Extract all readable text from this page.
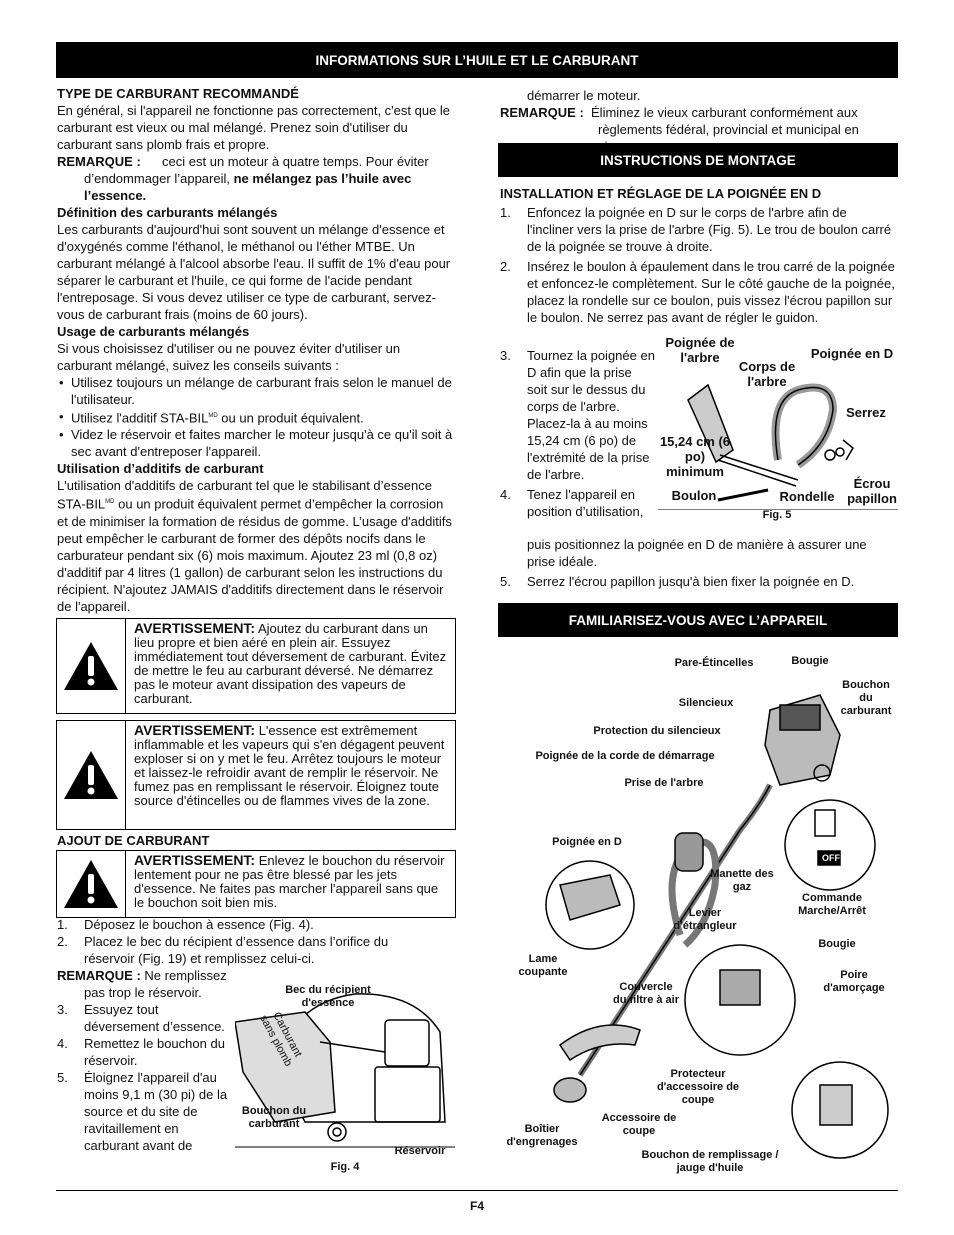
INFORMATIONS SUR L’HUILE ET LE CARBURANT

TYPE DE CARBURANT RECOMMANDÉ

En général, si l'appareil ne fonctionne pas correctement, c'est que le carburant est vieux ou mal mélangé. Prenez soin d'utiliser du carburant sans plomb frais et propre.

REMARQUE : ceci est un moteur à quatre temps. Pour éviter d’endommager l’appareil, ne mélangez pas l’huile avec l’essence.

Définition des carburants mélangés

Les carburants d'aujourd'hui sont souvent un mélange d'essence et d'oxygénés comme l'éthanol, le méthanol ou l'éther MTBE. Un carburant mélangé à l'alcool absorbe l'eau. Il suffit de 1% d'eau pour séparer le carburant et l'huile, ce qui forme de l'acide pendant l'entreposage. Si vous devez utiliser ce type de carburant, servez-vous de carburant frais (moins de 60 jours).

Usage de carburants mélangés

Si vous choisissez d'utiliser ou ne pouvez éviter d'utiliser un carburant mélangé, suivez les conseils suivants :

• Utilisez toujours un mélange de carburant frais selon le manuel de l'utilisateur.

• Utilisez l'additif STA-$BIL^{MD}$ ou un produit équivalent.

• Videz le réservoir et faites marcher le moteur jusqu'à ce qu'il soit à sec avant d'entreposer l'appareil.

Utilisation d’additifs de carburant

L'utilisation d'additifs de carburant tel que le stabilisant d’essence STA-$BIL^{MD}$ ou un produit équivalent permet d’empêcher la corrosion et de minimiser la formation de résidus de gomme. L’usage d'additifs peut empêcher le carburant de former des dépôts nocifs dans le carburateur pendant six (6) mois maximum. Ajoutez 23 ml (0,8 oz) d'additif par 4 litres (1 gallon) de carburant selon les instructions du récipient. N'ajoutez JAMAIS d'additifs directement dans le réservoir de l'appareil.

AVERTISSEMENT: Ajoutez du carburant dans un lieu propre et bien aéré en plein air. Essuyez immédiatement tout déversement de carburant. Évitez de mettre le feu au carburant déversé. Ne démarrez pas le moteur avant dissipation des vapeurs de carburant.
AVERTISSEMENT: L'essence est extrêmement inflammable et les vapeurs qui s'en dégagent peuvent exploser si on y met le feu. Arrêtez toujours le moteur et laissez-le refroidir avant de remplir le réservoir. Ne fumez pas en remplissant le réservoir. Éloignez toute source d'étincelles ou de flammes vives de la zone.

AJOUT DE CARBURANT

AVERTISSEMENT: Enlevez le bouchon du réservoir lentement pour ne pas être blessé par les jets d'essence. Ne faites pas marcher l'appareil sans que le bouchon soit bien mis.

1. Déposez le bouchon à essence (Fig. 4).

2. Placez le bec du récipient d’essence dans l’orifice du réservoir (Fig. 19) et remplissez celui-ci.

REMARQUE : Ne remplissez pas trop le réservoir.

3. Essuyez tout déversement d’essence.

4. Remettez le bouchon du réservoir.

5. Éloignez l'appareil d'au moins 9,1 m (30 pi) de la source et du site de ravitaillement en carburant avant de

Bec du récipient d'essence
Carburant sans plomb
Bouchon du carburant
Réservoir
Fig. 4

démarrer le moteur.

REMARQUE : Éliminez le vieux carburant conformément aux règlements fédéral, provincial et municipal en

INSTRUCTIONS DE MONTAGE

INSTALLATION ET RÉGLAGE DE LA POIGNÉE EN D

1. Enfoncez la poignée en D sur le corps de l'arbre afin de l'incliner vers la prise de l'arbre (Fig. 5). Le trou de boulon carré de la poignée se trouve à droite.

2. Insérez le boulon à épaulement dans le trou carré de la poignée et enfoncez-le complètement. Sur le côté gauche de la poignée, placez la rondelle sur ce boulon, puis vissez l'écrou papillon sur le boulon. Ne serrez pas avant de régler le guidon.

3. Tournez la poignée en D afin que la prise soit sur le dessus du corps de l'arbre. Placez-la à au moins 15,24 cm (6 po) de l'extrémité de la prise de l'arbre.

4. Tenez l'appareil en position d’utilisation,

puis positionnez la poignée en D de manière à assurer une prise idéale.

5. Serrez l'écrou papillon jusqu'à bien fixer la poignée en D.

Poignée de l'arbre
Corps de l'arbre
Poignée en D
Serrez
15,24 cm (6 po) minimum
Écrou papillon
Boulon	Rondelle
Fig. 5
FAMILIARISEZ-VOUS AVEC L’APPAREIL
OFF
Pare-Étincelles	Bougie
Bouchon du carburant
Silencieux
Protection du silencieux
Poignée de la corde de démarrage
Prise de l'arbre
Poignée en D
Manette des gaz
Commande Marche/Arrêt
Levier d'étrangleur
Bougie
Lame coupante	Poire d'amorçage
Couvercle du filtre à air
Protecteur d'accessoire de coupe
Boîtier d'engrenages
Accessoire de coupe
Bouchon de remplissage / jauge d'huile
F4
